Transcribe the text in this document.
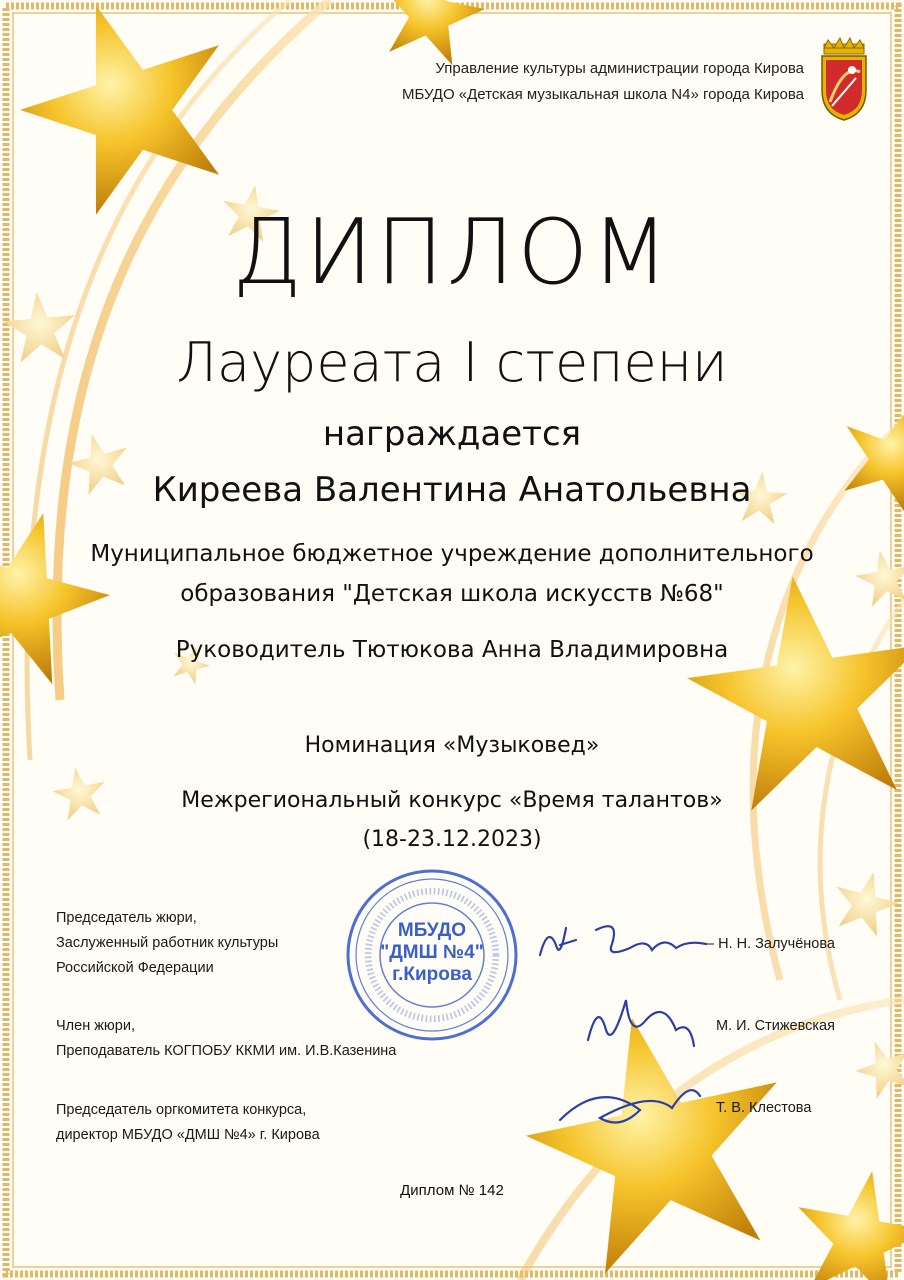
Управление культуры администрации города Кирова
МБУДО «Детская музыкальная школа N4» города Кирова
ДИПЛОМ
Лауреата I степени
награждается
Киреева Валентина Анатольевна
Муниципальное бюджетное учреждение дополнительного
образования "Детская школа искусств №68"
Руководитель Тютюкова Анна Владимировна
Номинация «Музыковед»
Межрегиональный конкурс «Время талантов»
(18-23.12.2023)
МБУДО
"ДМШ №4"
г.Кирова
Председатель жюри,
Заслуженный работник культуры
Российской Федерации
Член жюри,
Преподаватель КОГПОБУ ККМИ им. И.В.Казенина
Председатель оргкомитета конкурса,
директор МБУДО «ДМШ №4» г. Кирова
– Н. Н. Залучёнова
М. И. Стижевская
Т. В. Клестова
Диплом № 142
